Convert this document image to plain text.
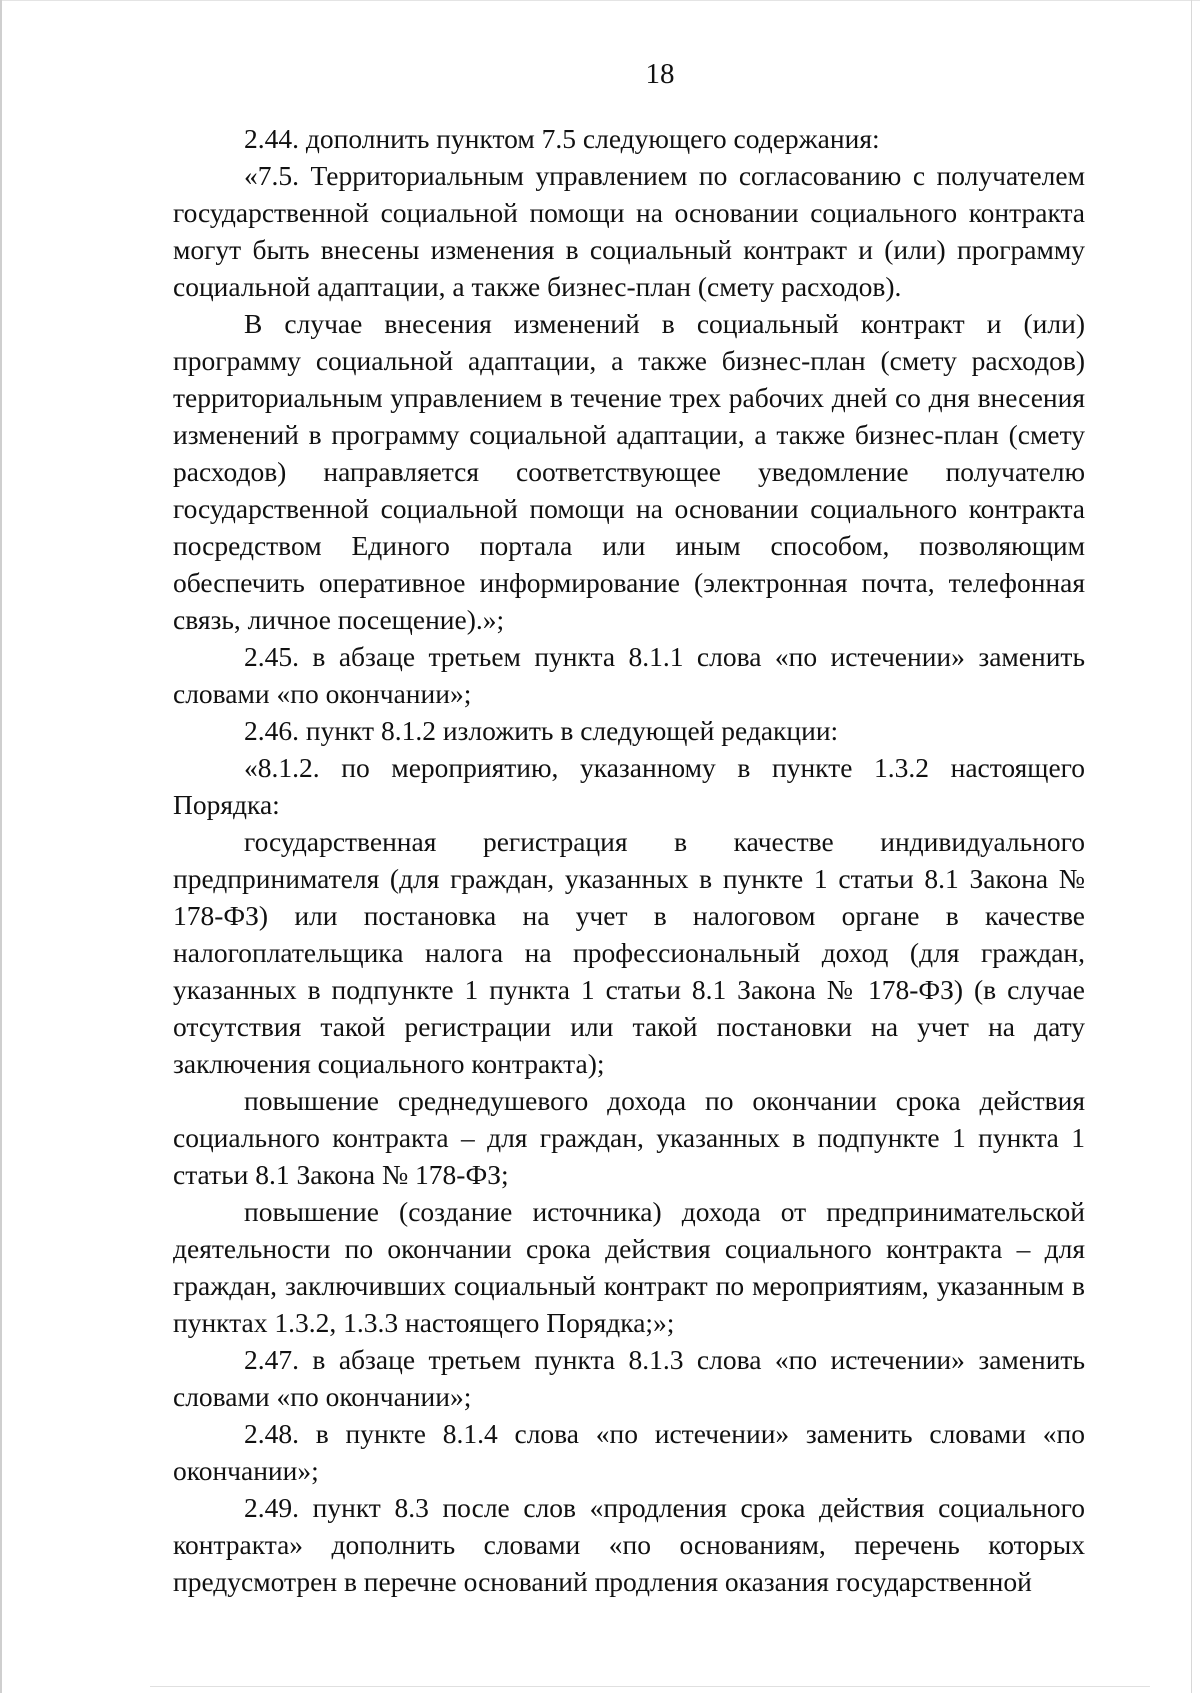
18

2.44. дополнить пунктом 7.5 следующего содержания:

«7.5. Территориальным управлением по согласованию с получателем государственной социальной помощи на основании социального контракта могут быть внесены изменения в социальный контракт и (или) программу социальной адаптации, а также бизнес-план (смету расходов).

В случае внесения изменений в социальный контракт и (или) программу социальной адаптации, а также бизнес-план (смету расходов) территориальным управлением в течение трех рабочих дней со дня внесения изменений в программу социальной адаптации, а также бизнес-план (смету расходов) направляется соответствующее уведомление получателю государственной социальной помощи на основании социального контракта посредством Единого портала или иным способом, позволяющим обеспечить оперативное информирование (электронная почта, телефонная связь, личное посещение).»;

2.45. в абзаце третьем пункта 8.1.1 слова «по истечении» заменить словами «по окончании»;

2.46. пункт 8.1.2 изложить в следующей редакции:

«8.1.2. по мероприятию, указанному в пункте 1.3.2 настоящего Порядка:

государственная регистрация в качестве индивидуального предпринимателя (для граждан, указанных в пункте 1 статьи 8.1 Закона № 178-ФЗ) или постановка на учет в налоговом органе в качестве налогоплательщика налога на профессиональный доход (для граждан, указанных в подпункте 1 пункта 1 статьи 8.1 Закона № 178-ФЗ) (в случае отсутствия такой регистрации или такой постановки на учет на дату заключения социального контракта);

повышение среднедушевого дохода по окончании срока действия социального контракта – для граждан, указанных в подпункте 1 пункта 1 статьи 8.1 Закона № 178-ФЗ;

повышение (создание источника) дохода от предпринимательской деятельности по окончании срока действия социального контракта – для граждан, заключивших социальный контракт по мероприятиям, указанным в пунктах 1.3.2, 1.3.3 настоящего Порядка;»;

2.47. в абзаце третьем пункта 8.1.3 слова «по истечении» заменить словами «по окончании»;

2.48. в пункте 8.1.4 слова «по истечении» заменить словами «по окончании»;

2.49. пункт 8.3 после слов «продления срока действия социального контракта» дополнить словами «по основаниям, перечень которых предусмотрен в перечне оснований продления оказания государственной
